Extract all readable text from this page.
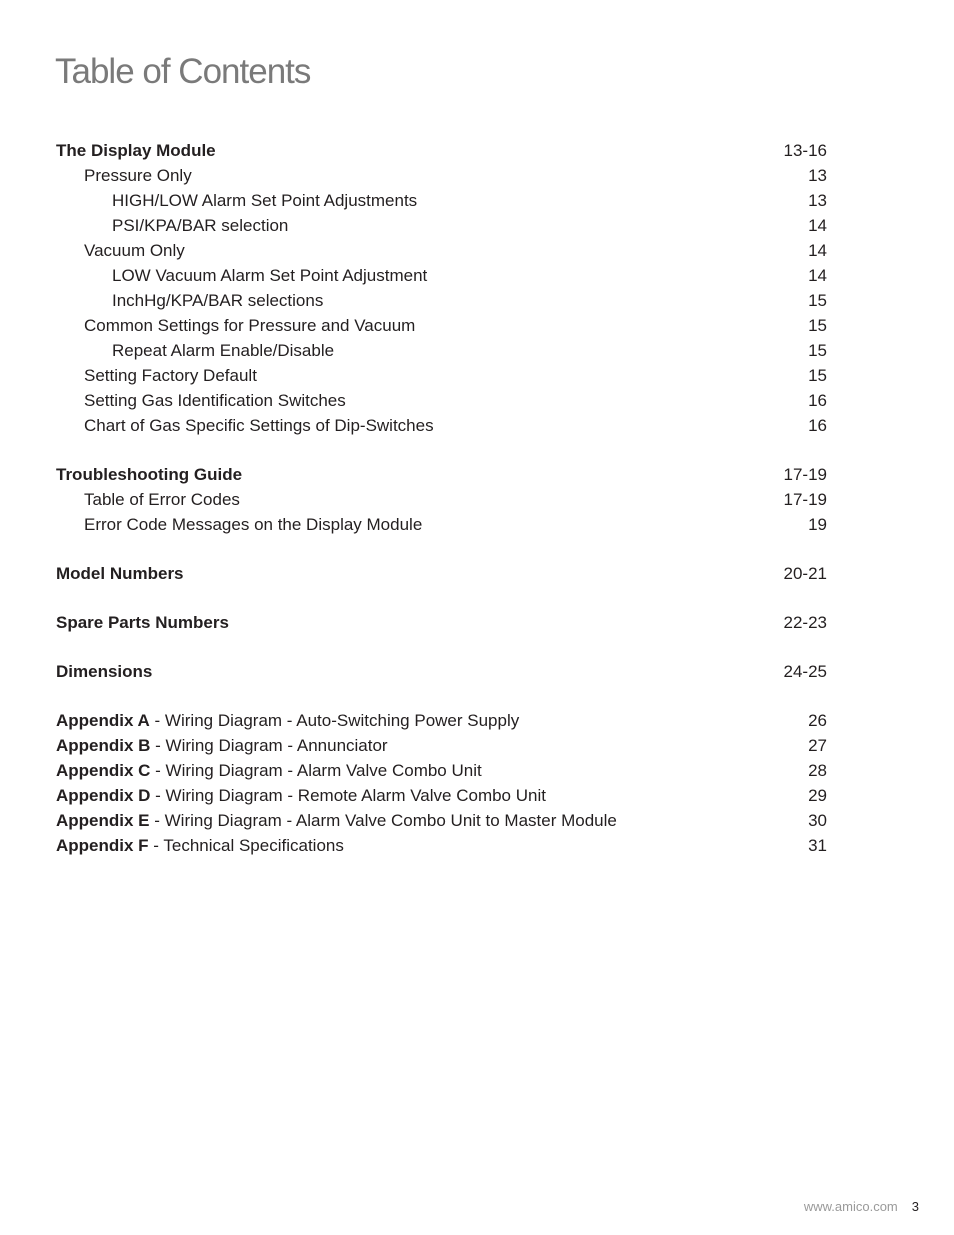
Table of Contents
The Display Module	13-16
Pressure Only	13
HIGH/LOW Alarm Set Point Adjustments	13
PSI/KPA/BAR selection	14
Vacuum Only	14
LOW Vacuum Alarm Set Point Adjustment	14
InchHg/KPA/BAR selections	15
Common Settings for Pressure and Vacuum	15
Repeat Alarm Enable/Disable	15
Setting Factory Default	15
Setting Gas Identification Switches	16
Chart of Gas Specific Settings of Dip-Switches	16
Troubleshooting Guide	17-19
Table of Error Codes	17-19
Error Code Messages on the Display Module	19
Model Numbers	20-21
Spare Parts Numbers	22-23
Dimensions	24-25
Appendix A - Wiring Diagram - Auto-Switching Power Supply	26
Appendix B - Wiring Diagram - Annunciator	27
Appendix C - Wiring Diagram - Alarm Valve Combo Unit	28
Appendix D - Wiring Diagram - Remote Alarm Valve Combo Unit	29
Appendix E - Wiring Diagram - Alarm Valve Combo Unit to Master Module	30
Appendix F - Technical Specifications	31
www.amico.com 3
